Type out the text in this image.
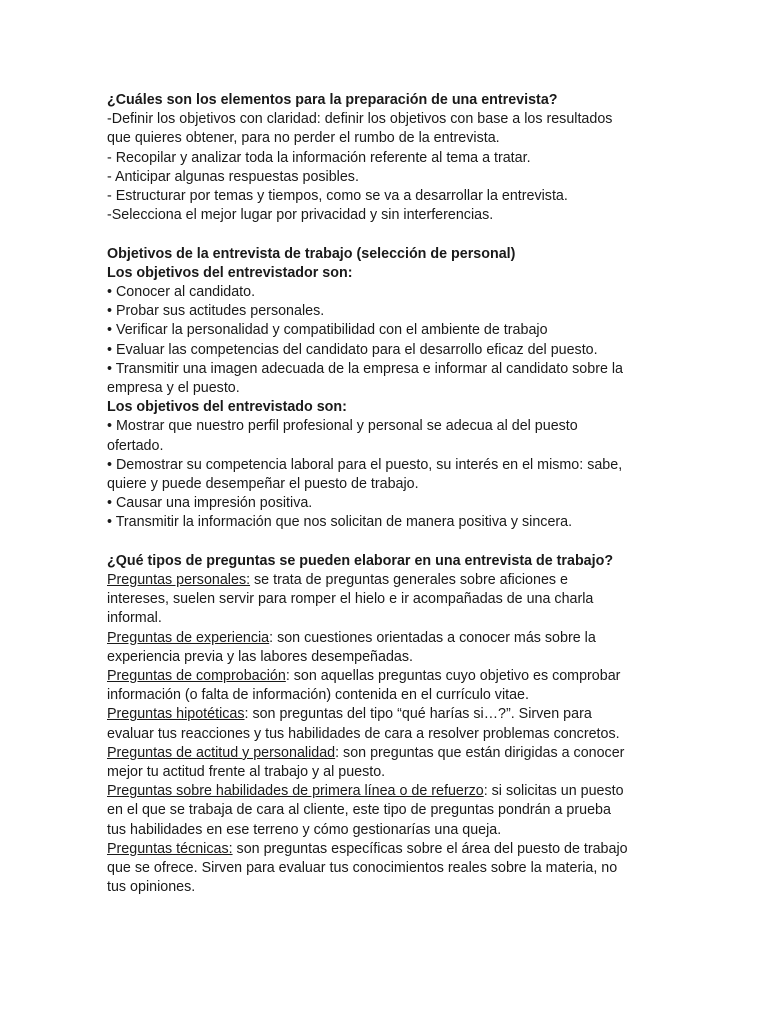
¿Cuáles son los elementos para la preparación de una entrevista?

-Definir los objetivos con claridad: definir los objetivos con base a los resultados

que quieres obtener, para no perder el rumbo de la entrevista.

- Recopilar y analizar toda la información referente al tema a tratar.

- Anticipar algunas respuestas posibles.

- Estructurar por temas y tiempos, como se va a desarrollar la entrevista.

-Selecciona el mejor lugar por privacidad y sin interferencias.

Objetivos de la entrevista de trabajo (selección de personal)

Los objetivos del entrevistador son:

• Conocer al candidato.

• Probar sus actitudes personales.

• Verificar la personalidad y compatibilidad con el ambiente de trabajo

• Evaluar las competencias del candidato para el desarrollo eficaz del puesto.

• Transmitir una imagen adecuada de la empresa e informar al candidato sobre la

empresa y el puesto.

Los objetivos del entrevistado son:

• Mostrar que nuestro perfil profesional y personal se adecua al del puesto

ofertado.

• Demostrar su competencia laboral para el puesto, su interés en el mismo: sabe,

quiere y puede desempeñar el puesto de trabajo.

• Causar una impresión positiva.

• Transmitir la información que nos solicitan de manera positiva y sincera.

¿Qué tipos de preguntas se pueden elaborar en una entrevista de trabajo?

Preguntas personales: se trata de preguntas generales sobre aficiones e

intereses, suelen servir para romper el hielo e ir acompañadas de una charla

informal.

Preguntas de experiencia: son cuestiones orientadas a conocer más sobre la

experiencia previa y las labores desempeñadas.

Preguntas de comprobación: son aquellas preguntas cuyo objetivo es comprobar

información (o falta de información) contenida en el currículo vitae.

Preguntas hipotéticas: son preguntas del tipo “qué harías si…?”. Sirven para

evaluar tus reacciones y tus habilidades de cara a resolver problemas concretos.

Preguntas de actitud y personalidad: son preguntas que están dirigidas a conocer

mejor tu actitud frente al trabajo y al puesto.

Preguntas sobre habilidades de primera línea o de refuerzo: si solicitas un puesto

en el que se trabaja de cara al cliente, este tipo de preguntas pondrán a prueba

tus habilidades en ese terreno y cómo gestionarías una queja.

Preguntas técnicas: son preguntas específicas sobre el área del puesto de trabajo

que se ofrece. Sirven para evaluar tus conocimientos reales sobre la materia, no

tus opiniones.
